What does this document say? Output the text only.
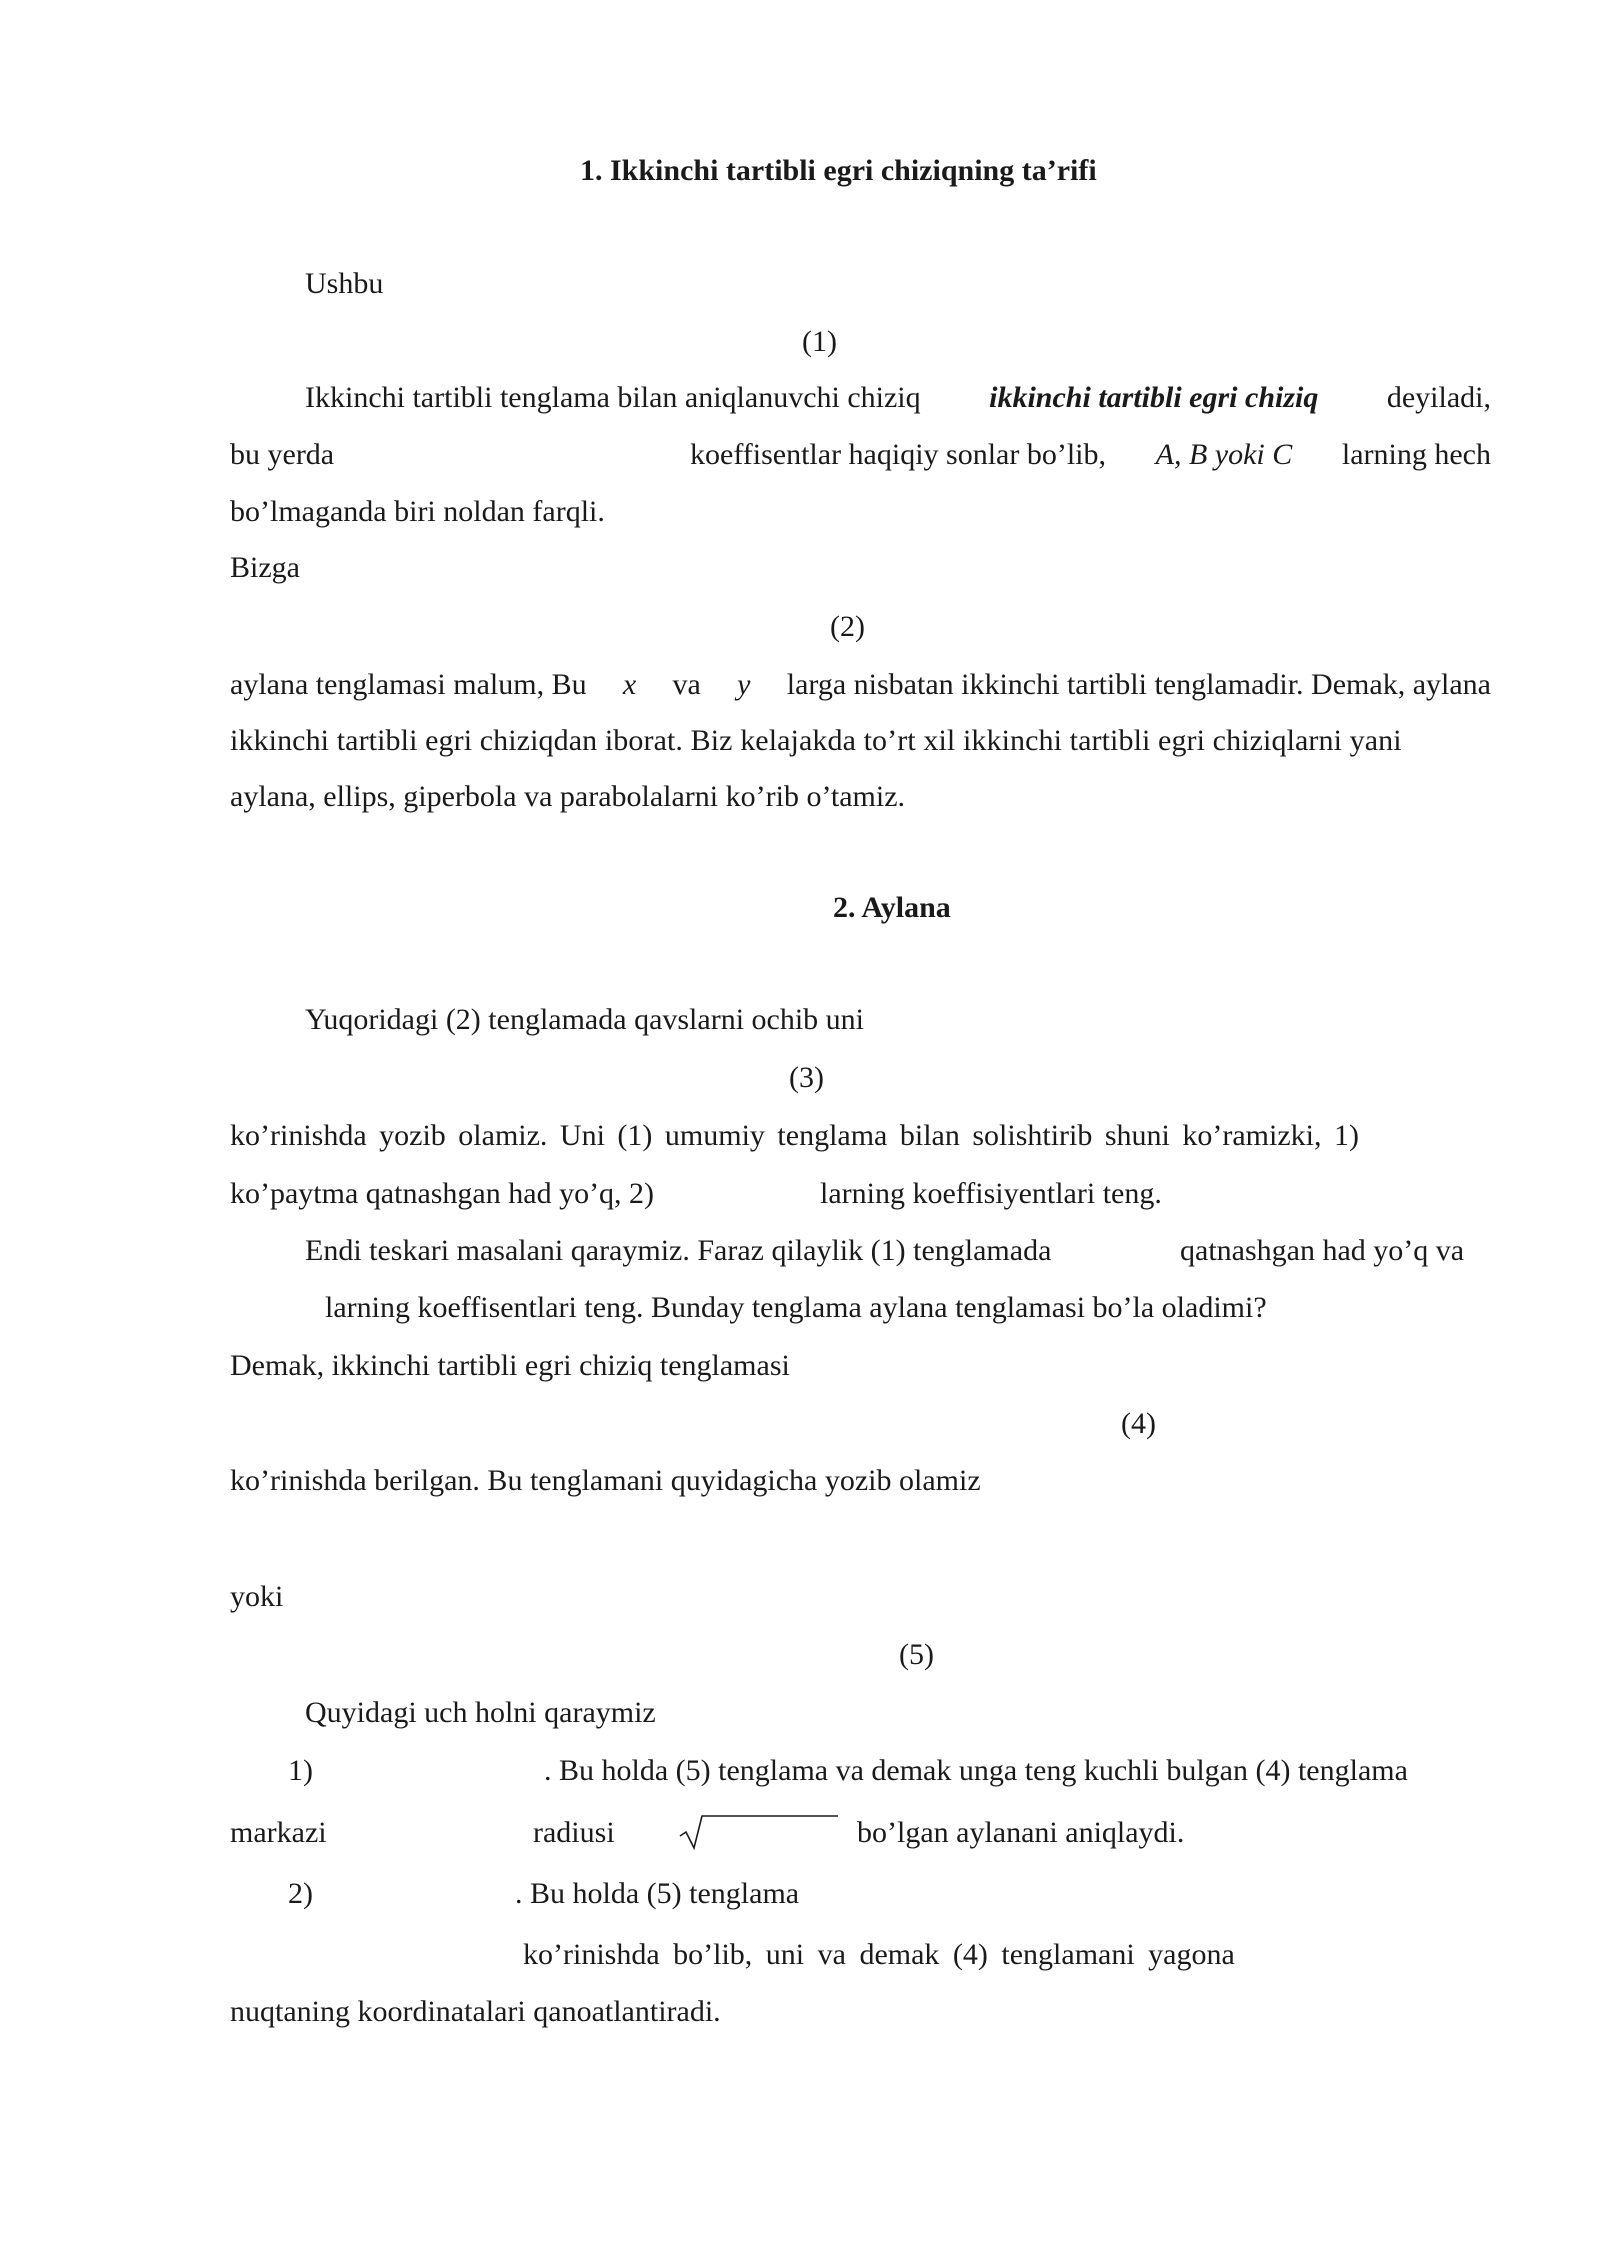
1. Ikkinchi tartibli egri chiziqning ta’rifi
Ushbu
(1)
Ikkinchi tartibli tenglama bilan aniqlanuvchi chiziq ikkinchi tartibli egri chiziq deyiladi,
bu yerda	koeffisentlar haqiqiy sonlar bo’lib, A, B yoki C larning hech
bo’lmaganda biri noldan farqli.
Bizga
(2)
aylana tenglamasi malum, Bu x va y larga nisbatan ikkinchi tartibli tenglamadir. Demak, aylana
ikkinchi tartibli egri chiziqdan iborat. Biz kelajakda to’rt xil ikkinchi tartibli egri chiziqlarni yani
aylana, ellips, giperbola va parabolalarni ko’rib o’tamiz.
2. Aylana
Yuqoridagi (2) tenglamada qavslarni ochib uni
(3)
ko’rinishda yozib olamiz. Uni (1) umumiy tenglama bilan solishtirib shuni ko’ramizki, 1)
ko’paytma qatnashgan had yo’q, 2)	larning koeffisiyentlari teng.
Endi teskari masalani qaraymiz. Faraz qilaylik (1) tenglamada	qatnashgan had yo’q va
larning koeffisentlari teng. Bunday tenglama aylana tenglamasi bo’la oladimi?
Demak, ikkinchi tartibli egri chiziq tenglamasi
(4)
ko’rinishda berilgan. Bu tenglamani quyidagicha yozib olamiz
yoki
(5)
Quyidagi uch holni qaraymiz
1)	. Bu holda (5) tenglama va demak unga teng kuchli bulgan (4) tenglama
markazi	radiusi	bo’lgan aylanani aniqlaydi.
2)	. Bu holda (5) tenglama
ko’rinishda bo’lib, uni va demak (4) tenglamani yagona
nuqtaning koordinatalari qanoatlantiradi.
